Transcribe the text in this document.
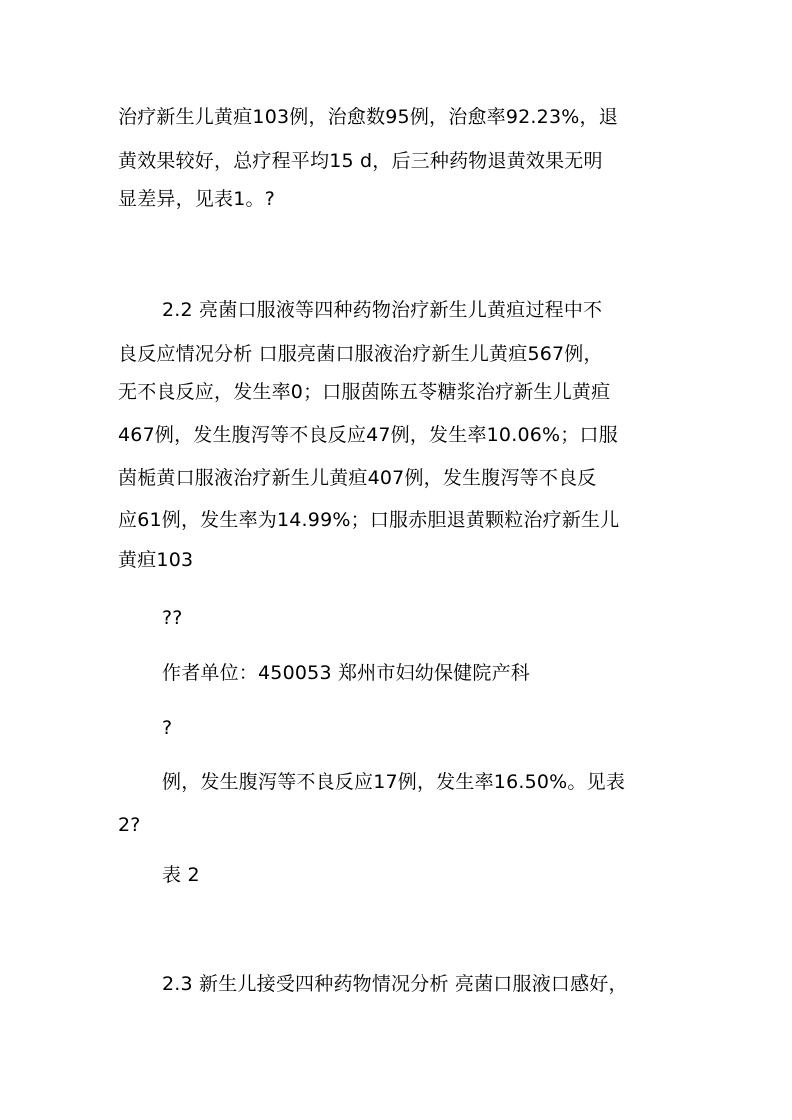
治疗新生儿黄疸103例，治愈数95例，治愈率92.23%，退
黄效果较好，总疗程平均15 d，后三种药物退黄效果无明
显差异，见表1。?
2.2 亮菌口服液等四种药物治疗新生儿黄疸过程中不
良反应情况分析 口服亮菌口服液治疗新生儿黄疸567例，
无不良反应，发生率0；口服茵陈五苓糖浆治疗新生儿黄疸
467例，发生腹泻等不良反应47例，发生率10.06%；口服
茵栀黄口服液治疗新生儿黄疸407例，发生腹泻等不良反
应61例，发生率为14.99%；口服赤胆退黄颗粒治疗新生儿
黄疸103
??
作者单位：450053 郑州市妇幼保健院产科
?
例，发生腹泻等不良反应17例，发生率16.50%。见表
2?
表 2
2.3 新生儿接受四种药物情况分析 亮菌口服液口感好，
